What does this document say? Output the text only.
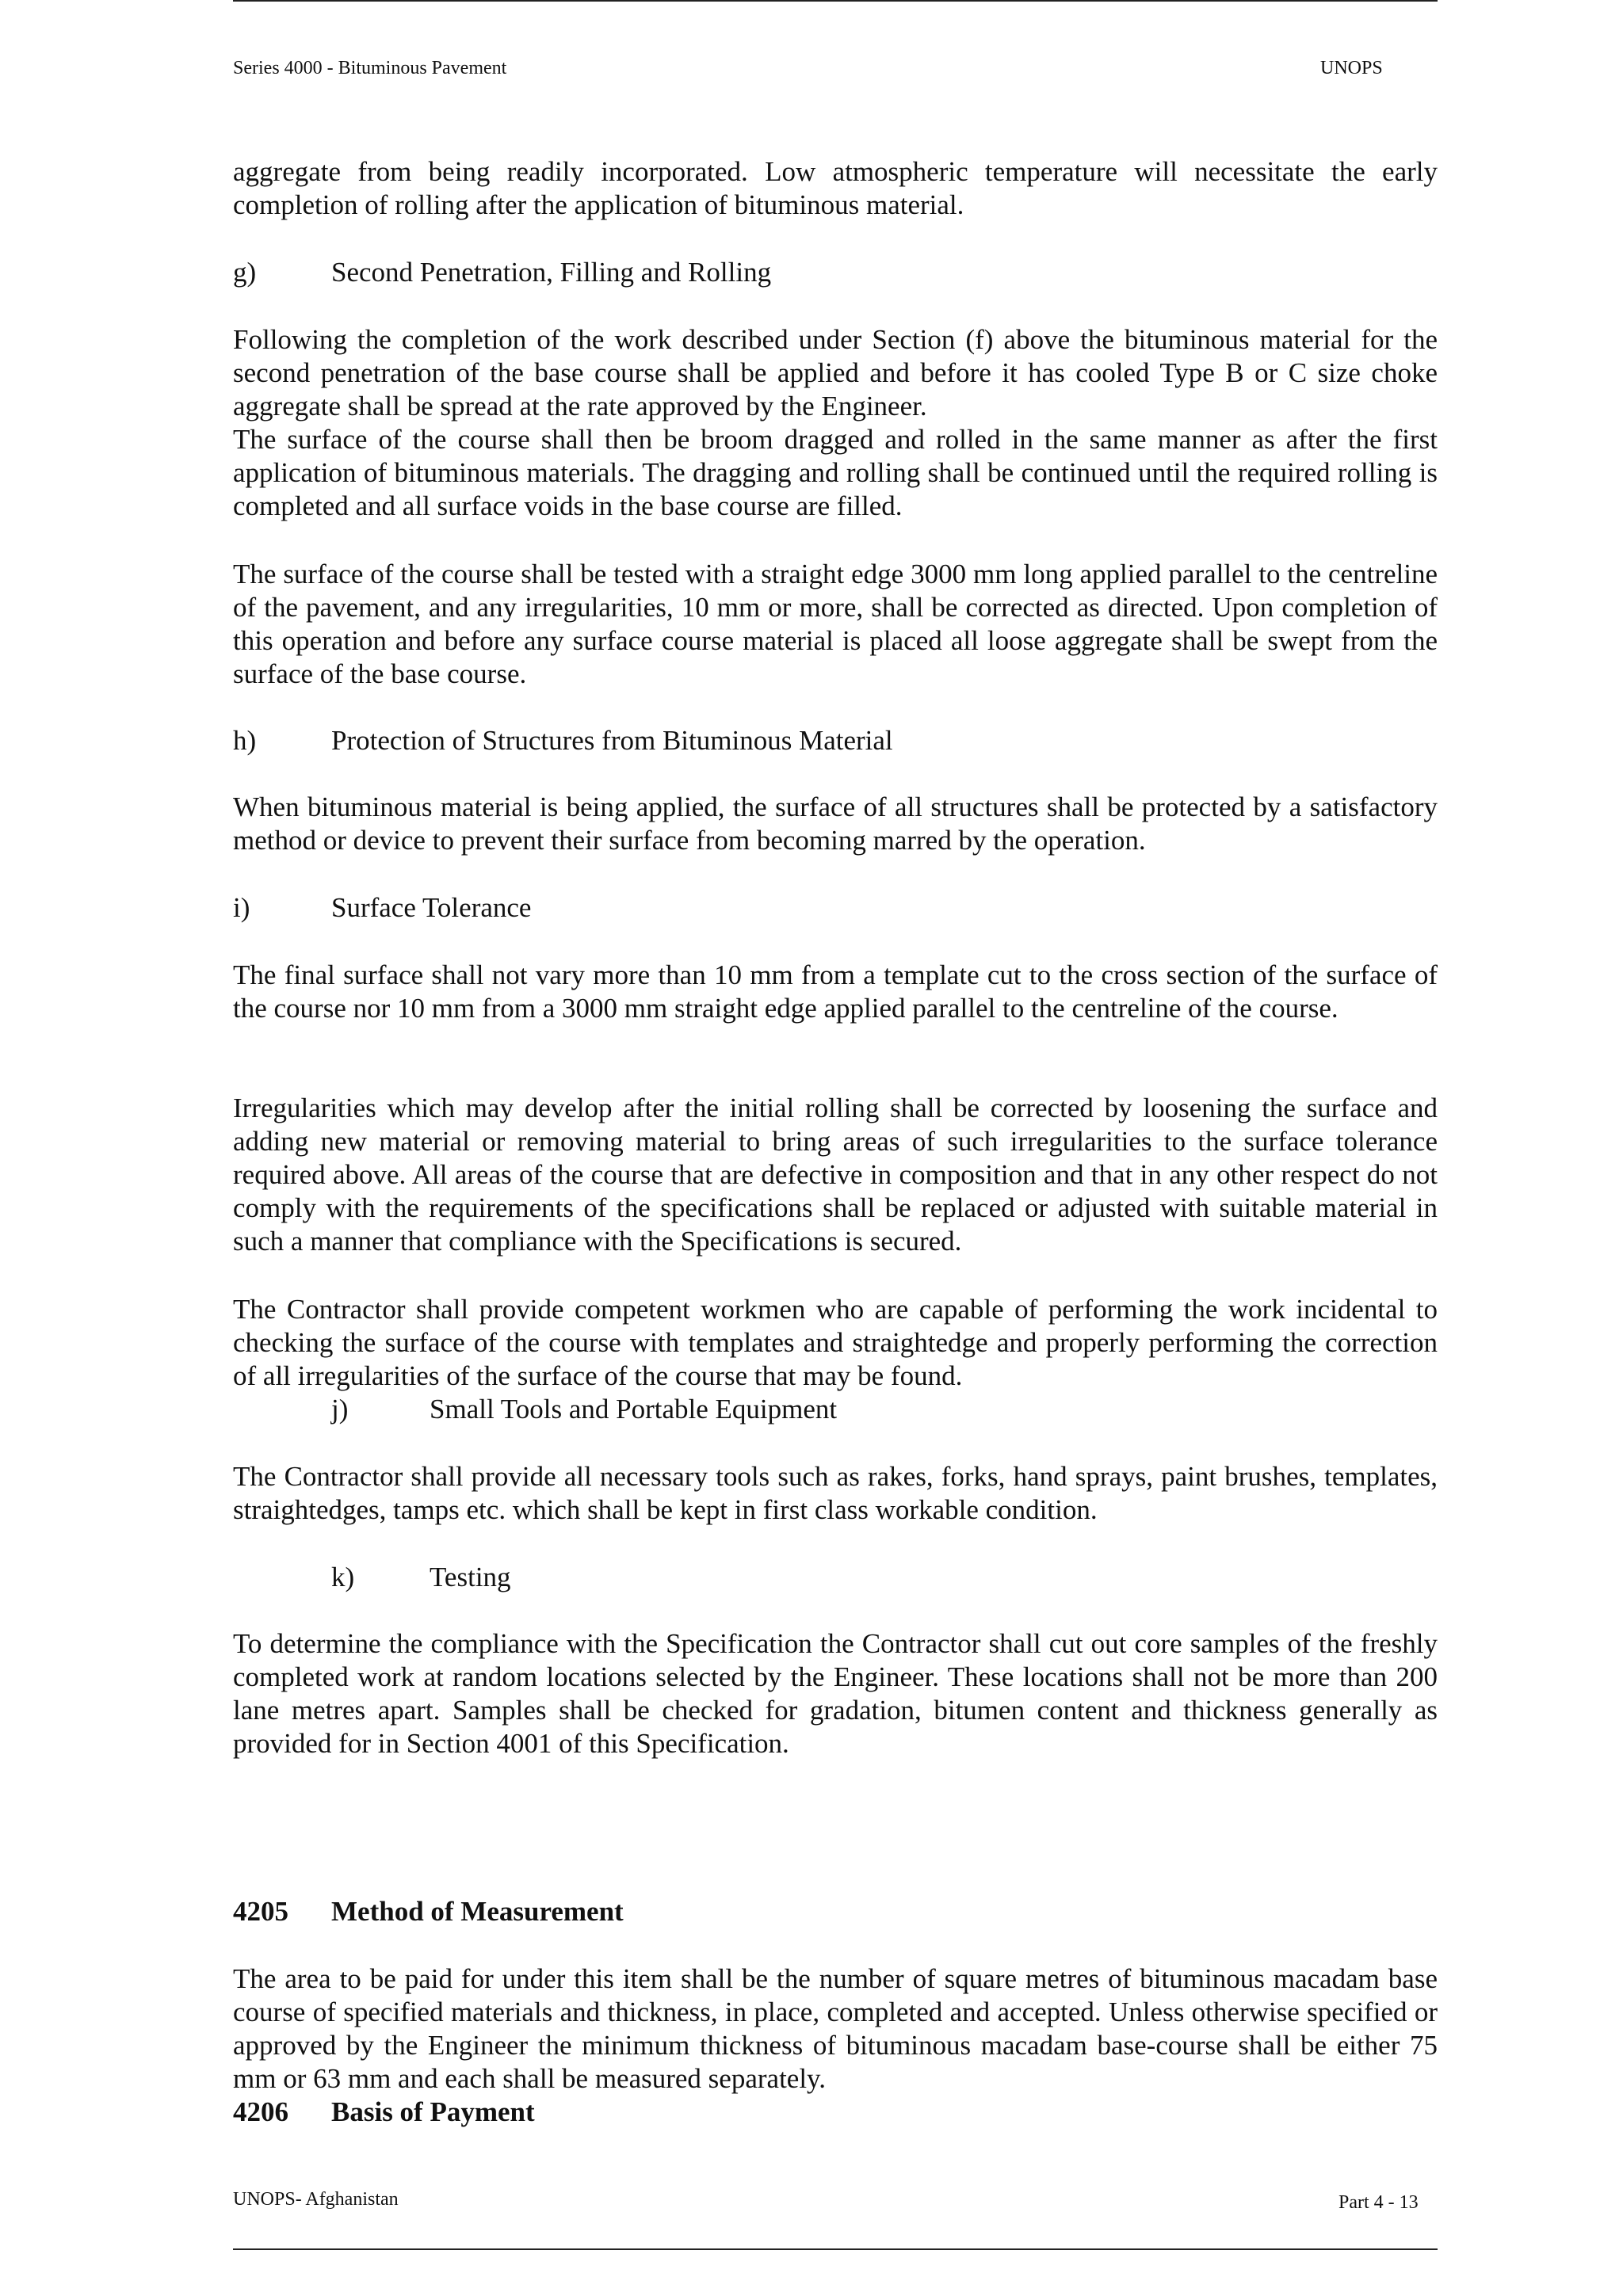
Series 4000 - Bituminous Pavement	UNOPS
aggregate from being readily incorporated. Low atmospheric temperature will necessitate the early completion of rolling after the application of bituminous material.
g)	Second Penetration, Filling and Rolling
Following the completion of the work described under Section (f) above the bituminous material for the second penetration of the base course shall be applied and before it has cooled Type B or C size choke aggregate shall be spread at the rate approved by the Engineer.
The surface of the course shall then be broom dragged and rolled in the same manner as after the first application of bituminous materials. The dragging and rolling shall be continued until the required rolling is completed and all surface voids in the base course are filled.
The surface of the course shall be tested with a straight edge 3000 mm long applied parallel to the centreline of the pavement, and any irregularities, 10 mm or more, shall be corrected as directed. Upon completion of this operation and before any surface course material is placed all loose aggregate shall be swept from the surface of the base course.
h)	Protection of Structures from Bituminous Material
When bituminous material is being applied, the surface of all structures shall be protected by a satisfactory method or device to prevent their surface from becoming marred by the operation.
i)	Surface Tolerance
The final surface shall not vary more than 10 mm from a template cut to the cross section of the surface of the course nor 10 mm from a 3000 mm straight edge applied parallel to the centreline of the course.
Irregularities which may develop after the initial rolling shall be corrected by loosening the surface and adding new material or removing material to bring areas of such irregularities to the surface tolerance required above. All areas of the course that are defective in composition and that in any other respect do not comply with the requirements of the specifications shall be replaced or adjusted with suitable material in such a manner that compliance with the Specifications is secured.
The Contractor shall provide competent workmen who are capable of performing the work incidental to checking the surface of the course with templates and straightedge and properly performing the correction of all irregularities of the surface of the course that may be found.
j)	Small Tools and Portable Equipment
The Contractor shall provide all necessary tools such as rakes, forks, hand sprays, paint brushes, templates, straightedges, tamps etc. which shall be kept in first class workable condition.
k)	Testing
To determine the compliance with the Specification the Contractor shall cut out core samples of the freshly completed work at random locations selected by the Engineer. These locations shall not be more than 200 lane metres apart. Samples shall be checked for gradation, bitumen content and thickness generally as provided for in Section 4001 of this Specification.
4205 Method of Measurement
The area to be paid for under this item shall be the number of square metres of bituminous macadam base course of specified materials and thickness, in place, completed and accepted. Unless otherwise specified or approved by the Engineer the minimum thickness of bituminous macadam base-course shall be either 75 mm or 63 mm and each shall be measured separately.
4206 Basis of Payment
UNOPS- Afghanistan	Part 4 - 13
